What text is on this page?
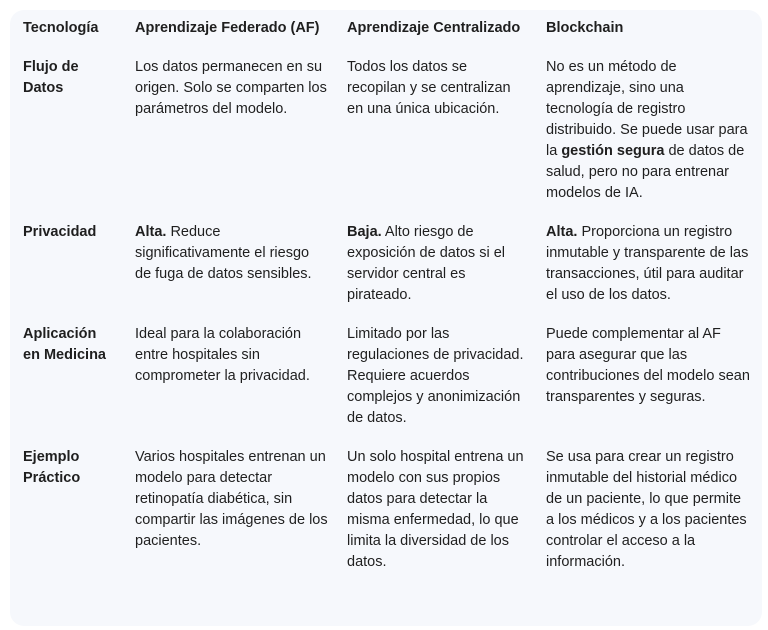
Tecnología	Aprendizaje Federado (AF)	Aprendizaje Centralizado	Blockchain
Flujo de Datos	Los datos permanecen en su origen. Solo se comparten los parámetros del modelo.	Todos los datos se recopilan y se centralizan en una única ubicación.	No es un método de aprendizaje, sino una tecnología de registro distribuido. Se puede usar para la gestión segura de datos de salud, pero no para entrenar modelos de IA.
Privacidad	Alta. Reduce significativamente el riesgo de fuga de datos sensibles.	Baja. Alto riesgo de exposición de datos si el servidor central es pirateado.	Alta. Proporciona un registro inmutable y transparente de las transacciones, útil para auditar el uso de los datos.
Aplicación en Medicina	Ideal para la colaboración entre hospitales sin comprometer la privacidad.	Limitado por las regulaciones de privacidad. Requiere acuerdos complejos y anonimización de datos.	Puede complementar al AF para asegurar que las contribuciones del modelo sean transparentes y seguras.
Ejemplo Práctico	Varios hospitales entrenan un modelo para detectar retinopatía diabética, sin compartir las imágenes de los pacientes.	Un solo hospital entrena un modelo con sus propios datos para detectar la misma enfermedad, lo que limita la diversidad de los datos.	Se usa para crear un registro inmutable del historial médico de un paciente, lo que permite a los médicos y a los pacientes controlar el acceso a la información.
